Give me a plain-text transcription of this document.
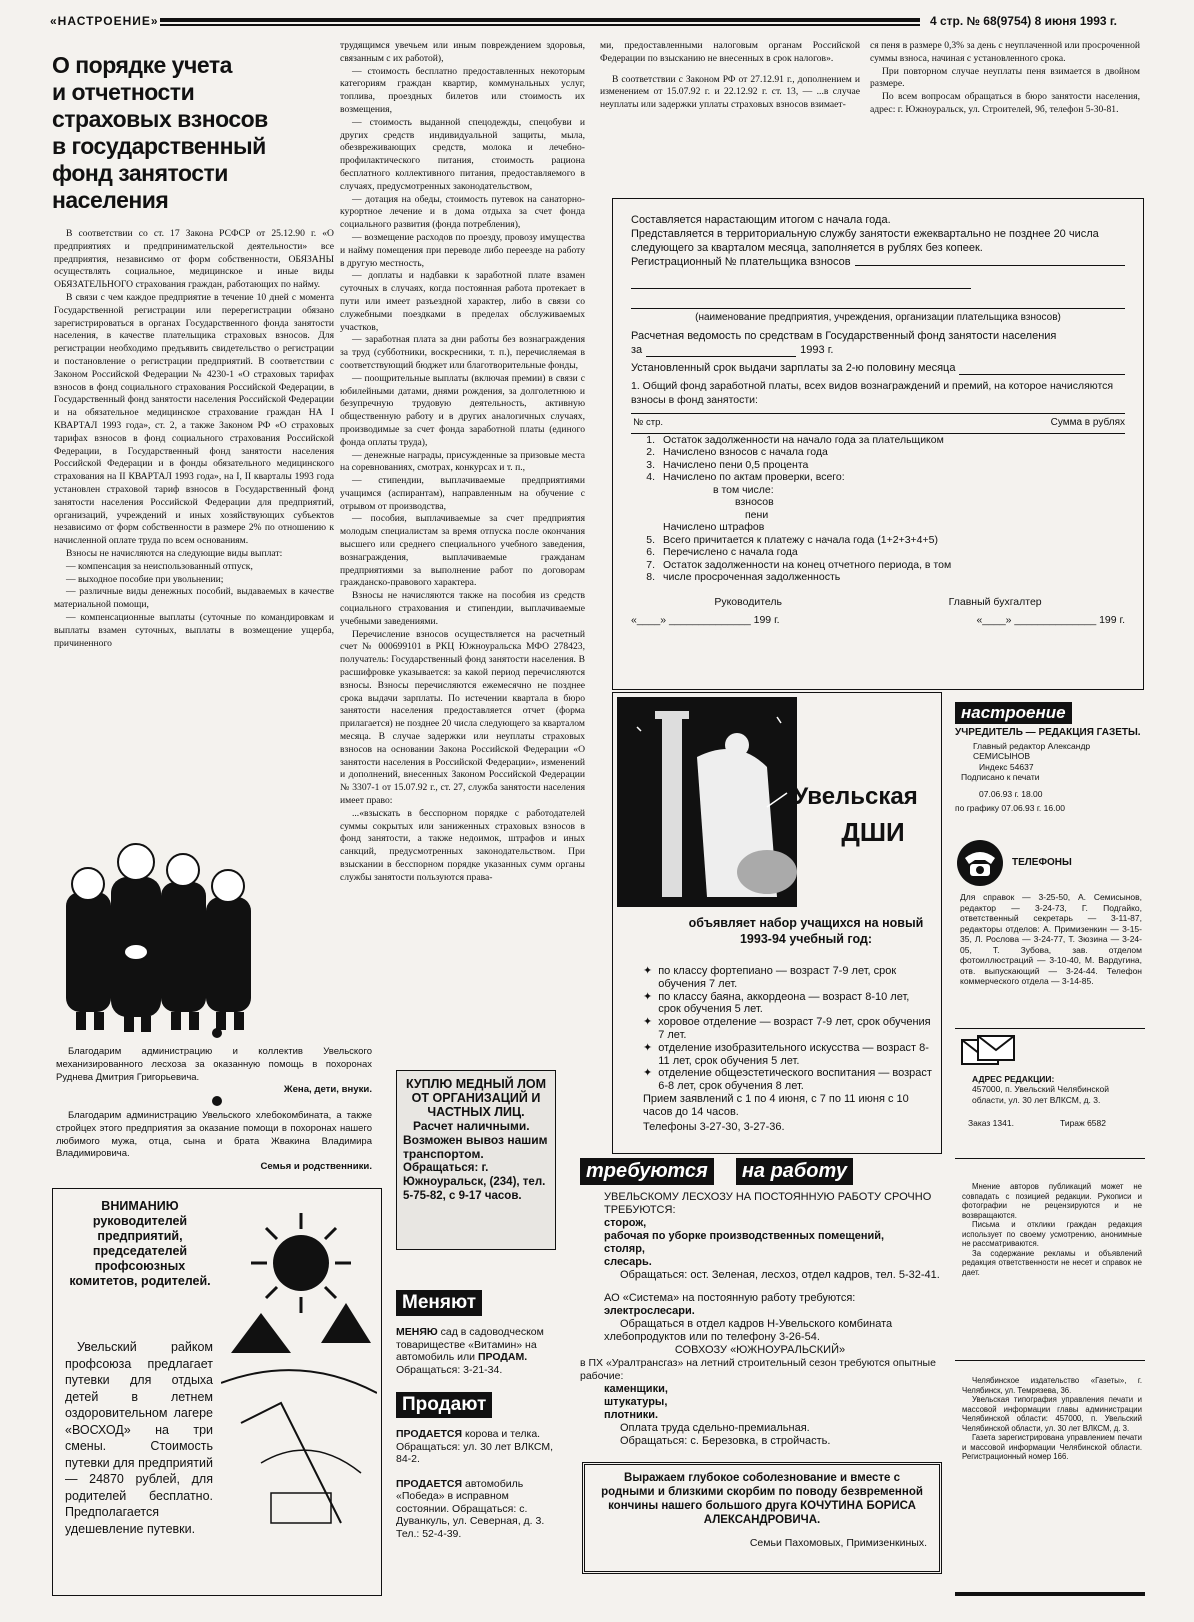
«НАСТРОЕНИЕ»	4 стр. № 68(9754) 8 июня 1993 г.
О порядке учета
и отчетности
страховых взносов
в государственный
фонд занятости
населения

В соответствии со ст. 17 Закона РСФСР от 25.12.90 г. «О предприятиях и предпринимательской деятельности» все предприятия, независимо от форм собственности, ОБЯЗАНЫ осуществлять социальное, медицинское и иные виды ОБЯЗАТЕЛЬНОГО страхования граждан, работающих по найму.

В связи с чем каждое предприятие в течение 10 дней с момента Государственной регистрации или перерегистрации обязано зарегистрироваться в органах Государственного фонда занятости населения, в качестве плательщика страховых взносов. Для регистрации необходимо предъявить свидетельство о регистрации и постановление о регистрации предприятий. В соответствии с Законом Российской Федерации № 4230-1 «О страховых тарифах взносов в фонд социального страхования Российской Федерации, в Государственный фонд занятости населения Российской Федерации и на обязательное медицинское страхование граждан НА I КВАРТАЛ 1993 года», ст. 2, а также Законом РФ «О страховых тарифах взносов в фонд социального страхования Российской Федерации, в Государственный фонд занятости населения Российской Федерации и в фонды обязательного медицинского страхования на II КВАРТАЛ 1993 года», на I, II кварталы 1993 года установлен страховой тариф взносов в Государственный фонд занятости населения Российской Федерации для предприятий, организаций, учреждений и иных хозяйствующих субъектов независимо от форм собственности в размере 2% по отношению к начисленной оплате труда по всем основаниям.

Взносы не начисляются на следующие виды выплат:

— компенсация за неиспользованный отпуск,

— выходное пособие при увольнении;

— различные виды денежных пособий, выдаваемых в качестве материальной помощи,

— компенсационные выплаты (суточные по командировкам и выплаты взамен суточных, выплаты в возмещение ущерба, причиненного

трудящимся увечьем или иным повреждением здоровья, связанным с их работой),

— стоимость бесплатно предоставленных некоторым категориям граждан квартир, коммунальных услуг, топлива, проездных билетов или стоимость их возмещения,

— стоимость выданной спецодежды, спецобуви и других средств индивидуальной защиты, мыла, обезвреживающих средств, молока и лечебно-профилактического питания, стоимость рациона бесплатного коллективного питания, предоставляемого в случаях, предусмотренных законодательством,

— дотация на обеды, стоимость путевок на санаторно-курортное лечение и в дома отдыха за счет фонда социального развития (фонда потребления),

— возмещение расходов по проезду, провозу имущества и найму помещения при переводе либо переезде на работу в другую местность,

— доплаты и надбавки к заработной плате взамен суточных в случаях, когда постоянная работа протекает в пути или имеет разъездной характер, либо в связи со служебными поездками в пределах обслуживаемых участков,

— заработная плата за дни работы без вознаграждения за труд (субботники, воскресники, т. п.), перечисляемая в соответствующий бюджет или благотворительные фонды,

— поощрительные выплаты (включая премии) в связи с юбилейными датами, днями рождения, за долголетнюю и безупречную трудовую деятельность, активную общественную работу и в других аналогичных случаях, производимые за счет фонда заработной платы (единого фонда оплаты труда),

— денежные награды, присужденные за призовые места на соревнованиях, смотрах, конкурсах и т. п.,

— стипендии, выплачиваемые предприятиями учащимся (аспирантам), направленным на обучение с отрывом от производства,

— пособия, выплачиваемые за счет предприятия молодым специалистам за время отпуска после окончания высшего или среднего специального учебного заведения, вознаграждения, выплачиваемые гражданам предприятиями за выполнение работ по договорам гражданско-правового характера.

Взносы не начисляются также на пособия из средств социального страхования и стипендии, выплачиваемые учебными заведениями.

Перечисление взносов осуществляется на расчетный счет № 000699101 в РКЦ Южноуральска МФО 278423, получатель: Государственный фонд занятости населения. В расшифровке указывается: за какой период перечисляются взносы. Взносы перечисляются ежемесячно не позднее срока выдачи зарплаты. По истечении квартала в бюро занятости населения предоставляется отчет (форма прилагается) не позднее 20 числа следующего за кварталом месяца. В случае задержки или неуплаты страховых взносов на основании Закона Российской Федерации «О занятости населения в Российской Федерации», изменений и дополнений, внесенных Законом Российской Федерации № 3307-1 от 15.07.92 г., ст. 27, служба занятости населения имеет право:

...«взыскать в бесспорном порядке с работодателей суммы сокрытых или заниженных страховых взносов в фонд занятости, а также недоимок, штрафов и иных санкций, предусмотренных законодательством. При взыскании в бесспорном порядке указанных сумм органы службы занятости пользуются права-

ми, предоставленными налоговым органам Российской Федерации по взысканию не внесенных в срок налогов».

В соответствии с Законом РФ от 27.12.91 г., дополнением и изменением от 15.07.92 г. и 22.12.92 г. ст. 13, — ...в случае неуплаты или задержки уплаты страховых взносов взимает-

ся пеня в размере 0,3% за день с неуплаченной или просроченной суммы взноса, начиная с установленного срока.

При повторном случае неуплаты пеня взимается в двойном размере.

По всем вопросам обращаться в бюро занятости населения, адрес: г. Южноуральск, ул. Строителей, 9б, телефон 5-30-81.

Составляется нарастающим итогом с начала года.
Представляется в территориальную службу занятости ежеквартально не позднее 20 числа следующего за кварталом месяца, заполняется в рублях без копеек.
Регистрационный № плательщика взносов
(наименование предприятия, учреждения, организации плательщика взносов)
Расчетная ведомость по средствам в Государственный фонд занятости населения
за	1993 г.
Установленный срок выдачи зарплаты за 2-ю половину месяца
1. Общий фонд заработной платы, всех видов вознаграждений и премий, на которое начисляются взносы в фонд занятости:
№ стр.	Сумма в рублях
1. Остаток задолженности на начало года за плательщиком
2. Начислено взносов с начала года
3. Начислено пени 0,5 процента
4. Начислено по актам проверки, всего:
в том числе:
взносов
пени
Начислено штрафов
5. Всего причитается к платежу с начала года (1+2+3+4+5)
6. Перечислено с начала года
7. Остаток задолженности на конец отчетного периода, в том
8. числе просроченная задолженность
Руководитель	Главный бухгалтер
«____» ______________ 199 г.	«____» ______________ 199 г.
Увельская
ДШИ
объявляет набор учащихся на новый 1993-94 учебный год:
✦ по классу фортепиано — возраст 7-9 лет, срок обучения 7 лет.
✦ по классу баяна, аккордеона — возраст 8-10 лет, срок обучения 5 лет.
✦ хоровое отделение — возраст 7-9 лет, срок обучения 7 лет.
✦ отделение изобразительного искусства — возраст 8-11 лет, срок обучения 5 лет.
✦ отделение общеэстетического воспитания — возраст 6-8 лет, срок обучения 8 лет.
Прием заявлений с 1 по 4 июня, с 7 по 11 июня с 10 часов до 14 часов.
Телефоны 3-27-30, 3-27-36.
настроение
УЧРЕДИТЕЛЬ — РЕДАКЦИЯ ГАЗЕТЫ.
Главный редактор Александр СЕМИСЫНОВ
Индекс 54637
Подписано к печати
07.06.93 г. 18.00
по графику 07.06.93 г. 16.00
ТЕЛЕФОНЫ
Для справок — 3-25-50, А. Семисынов, редактор — 3-24-73, Г. Подгайко, ответственный секретарь — 3-11-87, редакторы отделов: А. Примизенкин — 3-15-35, Л. Рослова — 3-24-77, Т. Зюзина — 3-24-05, Т. Зубова, зав. отделом фотоиллюстраций — 3-10-40, М. Вардугина, отв. выпускающий — 3-24-44. Телефон коммерческого отдела — 3-14-85.
АДРЕС РЕДАКЦИИ:
457000, п. Увельский Челябинской области, ул. 30 лет ВЛКСМ, д. 3.
Заказ 1341.	Тираж 6582

Мнение авторов публикаций может не совпадать с позицией редакции. Рукописи и фотографии не рецензируются и не возвращаются.

Письма и отклики граждан редакция использует по своему усмотрению, анонимные не рассматриваются.

За содержание рекламы и объявлений редакция ответственности не несет и справок не дает.

Челябинское издательство «Газеты», г. Челябинск, ул. Темрязева, 36.

Увельская типография управления печати и массовой информации главы администрации Челябинской области: 457000, п. Увельский Челябинской области, ул. 30 лет ВЛКСМ, д. 3.

Газета зарегистрирована управлением печати и массовой информации Челябинской области. Регистрационный номер 166.

Благодарим администрацию и коллектив Увельского механизированного лесхоза за оказанную помощь в похоронах Руднева Дмитрия Григорьевича.

Жена, дети, внуки.

Благодарим администрацию Увельского хлебокомбината, а также стройцех этого предприятия за оказание помощи в похоронах нашего любимого мужа, отца, сына и брата Жвакина Владимира Владимировича.

Семья и родственники.

КУПЛЮ МЕДНЫЙ ЛОМ ОТ ОРГАНИЗАЦИЙ И ЧАСТНЫХ ЛИЦ.
Расчет наличными.
Возможен вывоз нашим транспортом.
Обращаться: г. Южноуральск, (234), тел. 5-75-82, с 9-17 часов.
ВНИМАНИЮ руководителей предприятий, председателей профсоюзных комитетов, родителей.
Увельский райком профсоюза предлагает путевки для отдыха детей в летнем оздоровительном лагере «ВОСХОД» на три смены. Стоимость путевки для предприятий — 24870 рублей, для родителей бесплатно. Предполагается удешевление путевки.
Меняют
МЕНЯЮ сад в садоводческом товариществе «Витамин» на автомобиль или ПРОДАМ. Обращаться: 3-21-34.
Продают
ПРОДАЕТСЯ корова и телка. Обращаться: ул. 30 лет ВЛКСМ, 84-2.
ПРОДАЕТСЯ автомобиль «Победа» в исправном состоянии. Обращаться: с. Дуванкуль, ул. Северная, д. 3. Тел.: 52-4-39.
требуются	на работу
УВЕЛЬСКОМУ ЛЕСХОЗУ НА ПОСТОЯННУЮ РАБОТУ СРОЧНО ТРЕБУЮТСЯ:
сторож,
рабочая по уборке производственных помещений,
столяр,
слесарь.
Обращаться: ост. Зеленая, лесхоз, отдел кадров, тел. 5-32-41.
АО «Система» на постоянную работу требуются:
электрослесари.
Обращаться в отдел кадров Н-Увельского комбината хлебопродуктов или по телефону 3-26-54.
СОВХОЗУ «ЮЖНОУРАЛЬСКИЙ»
в ПХ «Уралтрансгаз» на летний строительный сезон требуются опытные рабочие:
каменщики,
штукатуры,
плотники.
Оплата труда сдельно-премиальная.
Обращаться: с. Березовка, в стройчасть.
Выражаем глубокое соболезнование и вместе с родными и близкими скорбим по поводу безвременной кончины нашего большого друга КОЧУТИНА БОРИСА АЛЕКСАНДРОВИЧА.
Семьи Пахомовых, Примизенкиных.
